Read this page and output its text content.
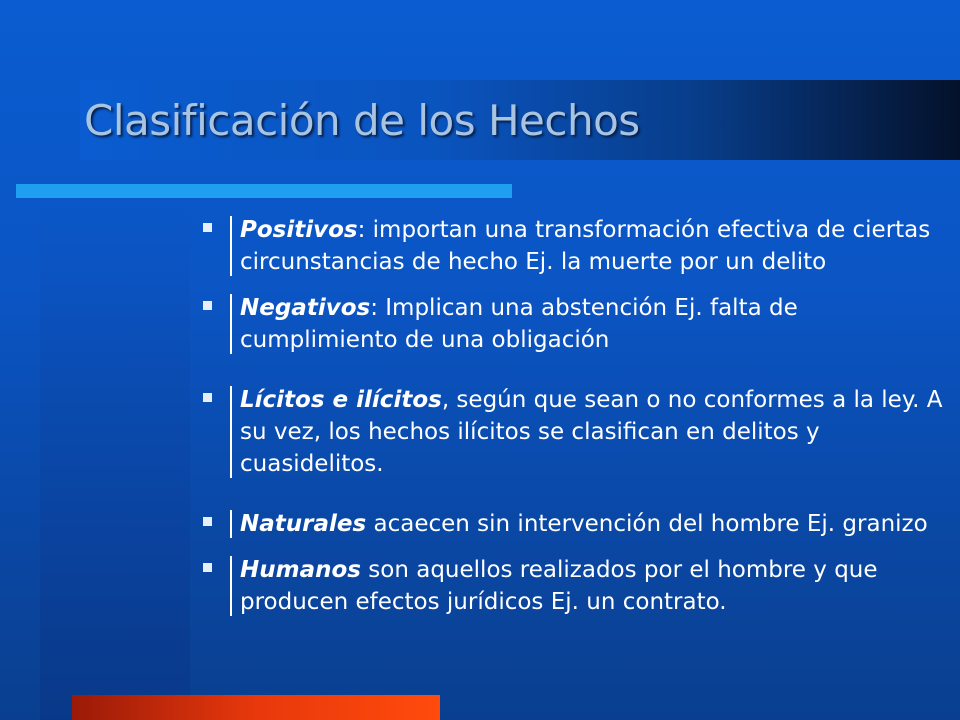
Clasificación de los Hechos
Positivos: importan una transformación efectiva de ciertas circunstancias de hecho Ej. la muerte por un delito
Negativos: Implican una abstención Ej. falta de cumplimiento de una obligación
Lícitos e ilícitos, según que sean o no conformes a la ley. A su vez, los hechos ilícitos se clasifican en delitos y cuasidelitos.
Naturales acaecen sin intervención del hombre Ej. granizo
Humanos son aquellos realizados por el hombre y que producen efectos jurídicos Ej. un contrato.
